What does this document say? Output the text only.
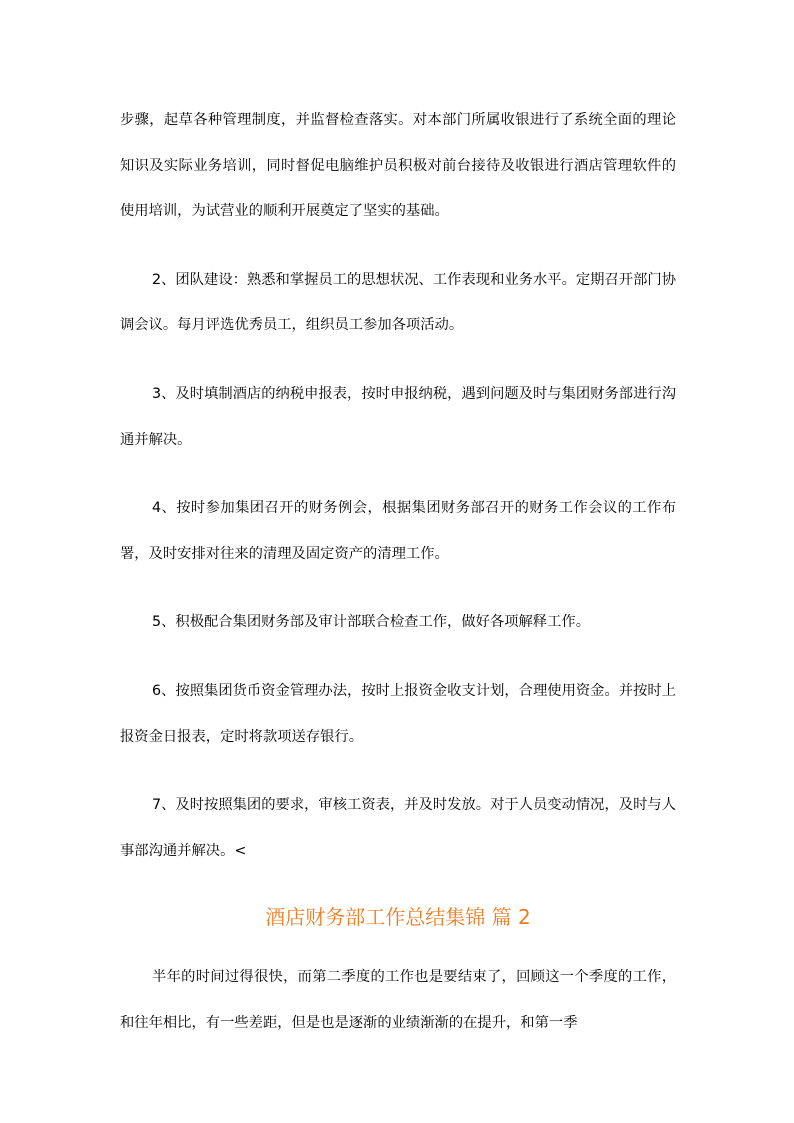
步骤，起草各种管理制度，并监督检查落实。对本部门所属收银进行了系统全面的理论知识及实际业务培训，同时督促电脑维护员积极对前台接待及收银进行酒店管理软件的使用培训，为试营业的顺利开展奠定了坚实的基础。

2、团队建设：熟悉和掌握员工的思想状况、工作表现和业务水平。定期召开部门协调会议。每月评选优秀员工，组织员工参加各项活动。

3、及时填制酒店的纳税申报表，按时申报纳税，遇到问题及时与集团财务部进行沟通并解决。

4、按时参加集团召开的财务例会，根据集团财务部召开的财务工作会议的工作布署，及时安排对往来的清理及固定资产的清理工作。

5、积极配合集团财务部及审计部联合检查工作，做好各项解释工作。

6、按照集团货币资金管理办法，按时上报资金收支计划，合理使用资金。并按时上报资金日报表，定时将款项送存银行。

7、及时按照集团的要求，审核工资表，并及时发放。对于人员变动情况，及时与人事部沟通并解决。<

酒店财务部工作总结集锦 篇 2

半年的时间过得很快，而第二季度的工作也是要结束了，回顾这一个季度的工作，和往年相比，有一些差距，但是也是逐渐的业绩渐渐的在提升，和第一季
